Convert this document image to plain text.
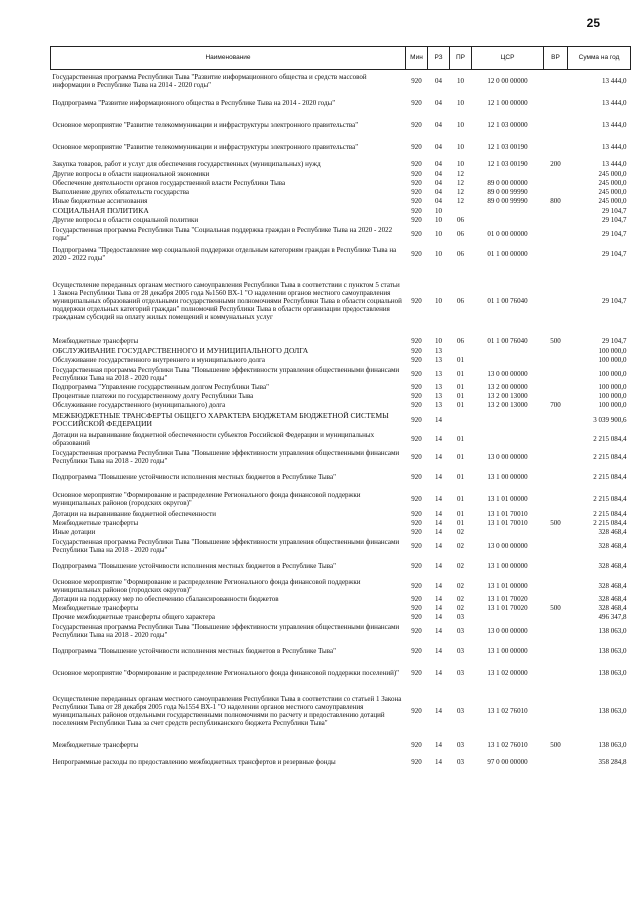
25
Наименование	Мин	РЗ	ПР	ЦСР	ВР	Сумма на год
Государственная программа Республики Тыва "Развитие информационного общества и средств массовой информации в Республике Тыва на 2014 - 2020 годы"	920	04	10	12 0 00 00000		13 444,0
Подпрограмма "Развитие информационного общества в Республике Тыва на 2014 - 2020 годы"	920	04	10	12 1 00 00000		13 444,0
Основное мероприятие "Развитие телекоммуникации и инфраструктуры электронного правительства"	920	04	10	12 1 03 00000		13 444,0
Основное мероприятие "Развитие телекоммуникации и инфраструктуры электронного правительства"	920	04	10	12 1 03 00190		13 444,0
Закупка товаров, работ и услуг для обеспечения государственных (муниципальных) нужд	920	04	10	12 1 03 00190	200	13 444,0
Другие вопросы в области национальной экономики	920	04	12			245 000,0
Обеспечение деятельности органов государственной власти Республики Тыва	920	04	12	89 0 00 00000		245 000,0
Выполнение других обязательств государства	920	04	12	89 0 00 99990		245 000,0
Иные бюджетные ассигнования	920	04	12	89 0 00 99990	800	245 000,0
СОЦИАЛЬНАЯ ПОЛИТИКА	920	10				29 104,7
Другие вопросы в области социальной политики	920	10	06			29 104,7
Государственная программа Республики Тыва "Социальная поддержка граждан в Республике Тыва на 2020 - 2022 годы"	920	10	06	01 0 00 00000		29 104,7
Подпрограмма "Предоставление мер социальной поддержки отдельным категориям граждан в Республике Тыва на 2020 - 2022 годы"	920	10	06	01 1 00 00000		29 104,7
Осуществление переданных органам местного самоуправления Республики Тыва в соответствии с пунктом 5 статьи 1 Закона Республики Тыва от 28 декабря 2005 года №1560 ВХ-1 "О наделении органов местного самоуправления муниципальных образований отдельными государственными полномочиями Республики Тыва в области социальной поддержки отдельных категорий граждан" полномочий Республики Тыва в области организации предоставления гражданам субсидий на оплату жилых помещений и коммунальных услуг	920	10	06	01 1 00 76040		29 104,7
Межбюджетные трансферты	920	10	06	01 1 00 76040	500	29 104,7
ОБСЛУЖИВАНИЕ ГОСУДАРСТВЕННОГО И МУНИЦИПАЛЬНОГО ДОЛГА	920	13				100 000,0
Обслуживание государственного внутреннего и муниципального долга	920	13	01			100 000,0
Государственная программа Республики Тыва "Повышение эффективности управления общественными финансами Республики Тыва на 2018 - 2020 годы"	920	13	01	13 0 00 00000		100 000,0
Подпрограмма "Управление государственным долгом Республики Тыва"	920	13	01	13 2 00 00000		100 000,0
Процентные платежи по государственному долгу Республики Тыва	920	13	01	13 2 00 13000		100 000,0
Обслуживание государственного (муниципального) долга	920	13	01	13 2 00 13000	700	100 000,0
МЕЖБЮДЖЕТНЫЕ ТРАНСФЕРТЫ ОБЩЕГО ХАРАКТЕРА БЮДЖЕТАМ БЮДЖЕТНОЙ СИСТЕМЫ РОССИЙСКОЙ ФЕДЕРАЦИИ	920	14				3 039 900,6
Дотации на выравнивание бюджетной обеспеченности субъектов Российской Федерации и муниципальных образований	920	14	01			2 215 084,4
Государственная программа Республики Тыва "Повышение эффективности управления общественными финансами Республики Тыва на 2018 - 2020 годы"	920	14	01	13 0 00 00000		2 215 084,4
Подпрограмма "Повышение устойчивости исполнения местных бюджетов в Республике Тыва"	920	14	01	13 1 00 00000		2 215 084,4
Основное мероприятие "Формирование и распределение Регионального фонда финансовой поддержки муниципальных районов (городских округов)"	920	14	01	13 1 01 00000		2 215 084,4
Дотации на выравнивание бюджетной обеспеченности	920	14	01	13 1 01 70010		2 215 084,4
Межбюджетные трансферты	920	14	01	13 1 01 70010	500	2 215 084,4
Иные дотации	920	14	02			328 468,4
Государственная программа Республики Тыва "Повышение эффективности управления общественными финансами Республики Тыва на 2018 - 2020 годы"	920	14	02	13 0 00 00000		328 468,4
Подпрограмма "Повышение устойчивости исполнения местных бюджетов в Республике Тыва"	920	14	02	13 1 00 00000		328 468,4
Основное мероприятие "Формирование и распределение Регионального фонда финансовой поддержки муниципальных районов (городских округов)"	920	14	02	13 1 01 00000		328 468,4
Дотации на поддержку мер по обеспечению сбалансированности бюджетов	920	14	02	13 1 01 70020		328 468,4
Межбюджетные трансферты	920	14	02	13 1 01 70020	500	328 468,4
Прочие межбюджетные трансферты общего характера	920	14	03			496 347,8
Государственная программа Республики Тыва "Повышение эффективности управления общественными финансами Республики Тыва на 2018 - 2020 годы"	920	14	03	13 0 00 00000		138 063,0
Подпрограмма "Повышение устойчивости исполнения местных бюджетов в Республике Тыва"	920	14	03	13 1 00 00000		138 063,0
Основное мероприятие "Формирование и распределение Регионального фонда финансовой поддержки поселений)"	920	14	03	13 1 02 00000		138 063,0
Осуществление переданных органам местного самоуправления Республики Тыва в соответствии со статьей 1 Закона Республики Тыва от 28 декабря 2005 года №1554 ВХ-1 "О наделении органов местного самоуправления муниципальных районов отдельными государственными полномочиями по расчету и предоставлению дотаций поселениям Республики Тыва за счет средств республиканского бюджета Республики Тыва"	920	14	03	13 1 02 76010		138 063,0
Межбюджетные трансферты	920	14	03	13 1 02 76010	500	138 063,0
Непрограммные расходы по предоставлению межбюджетных трансфертов и резервные фонды	920	14	03	97 0 00 00000		358 284,8
